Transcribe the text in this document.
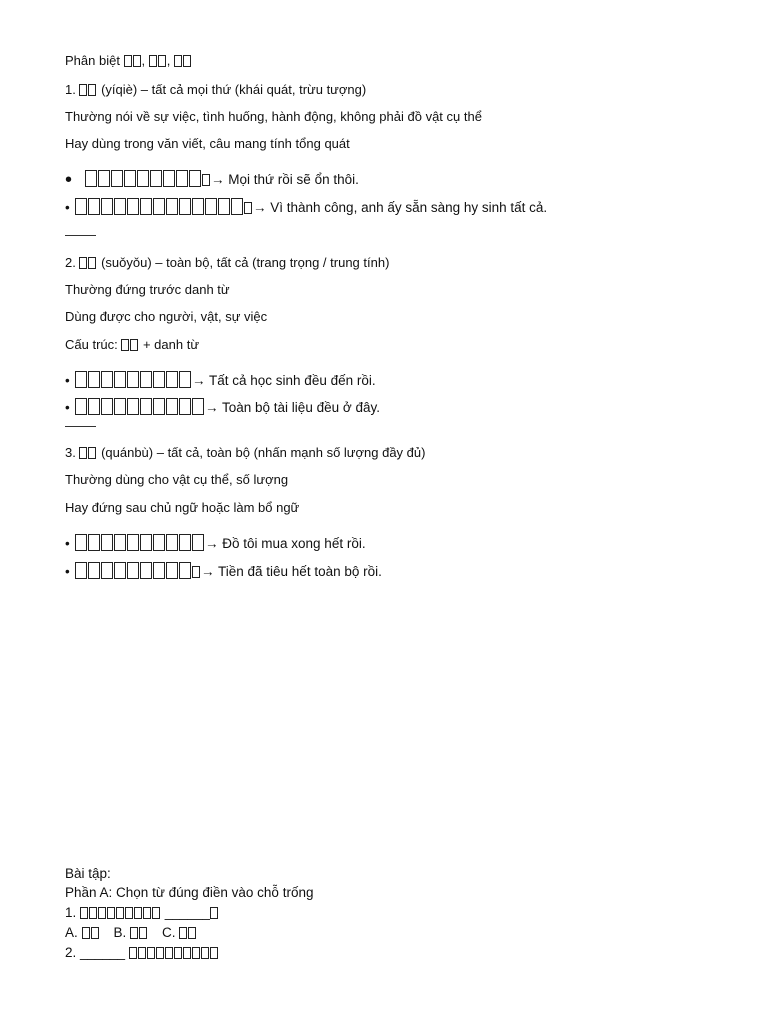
Phân biệt , ,
1.  (yíqiè) – tất cả mọi thứ (khái quát, trừu tượng)
Thường nói về sự việc, tình huống, hành động, không phải đồ vật cụ thể
Hay dùng trong văn viết, câu mang tính tổng quát
•	→ Mọi thứ rồi sẽ ổn thôi.
•	→ Vì thành công, anh ấy sẵn sàng hy sinh tất cả.
2.  (suǒyǒu) – toàn bộ, tất cả (trang trọng / trung tính)
Thường đứng trước danh từ
Dùng được cho người, vật, sự việc
Cấu trúc:  + danh từ
•	→ Tất cả học sinh đều đến rồi.
•	→ Toàn bộ tài liệu đều ở đây.
3.  (quánbù) – tất cả, toàn bộ (nhấn mạnh số lượng đầy đủ)
Thường dùng cho vật cụ thể, số lượng
Hay đứng sau chủ ngữ hoặc làm bổ ngữ
•	→ Đồ tôi mua xong hết rồi.
•	→ Tiền đã tiêu hết toàn bộ rồi.
Bài tập:
Phần A: Chọn từ đúng điền vào chỗ trống
1.	______
A. B. C.
2. ______
